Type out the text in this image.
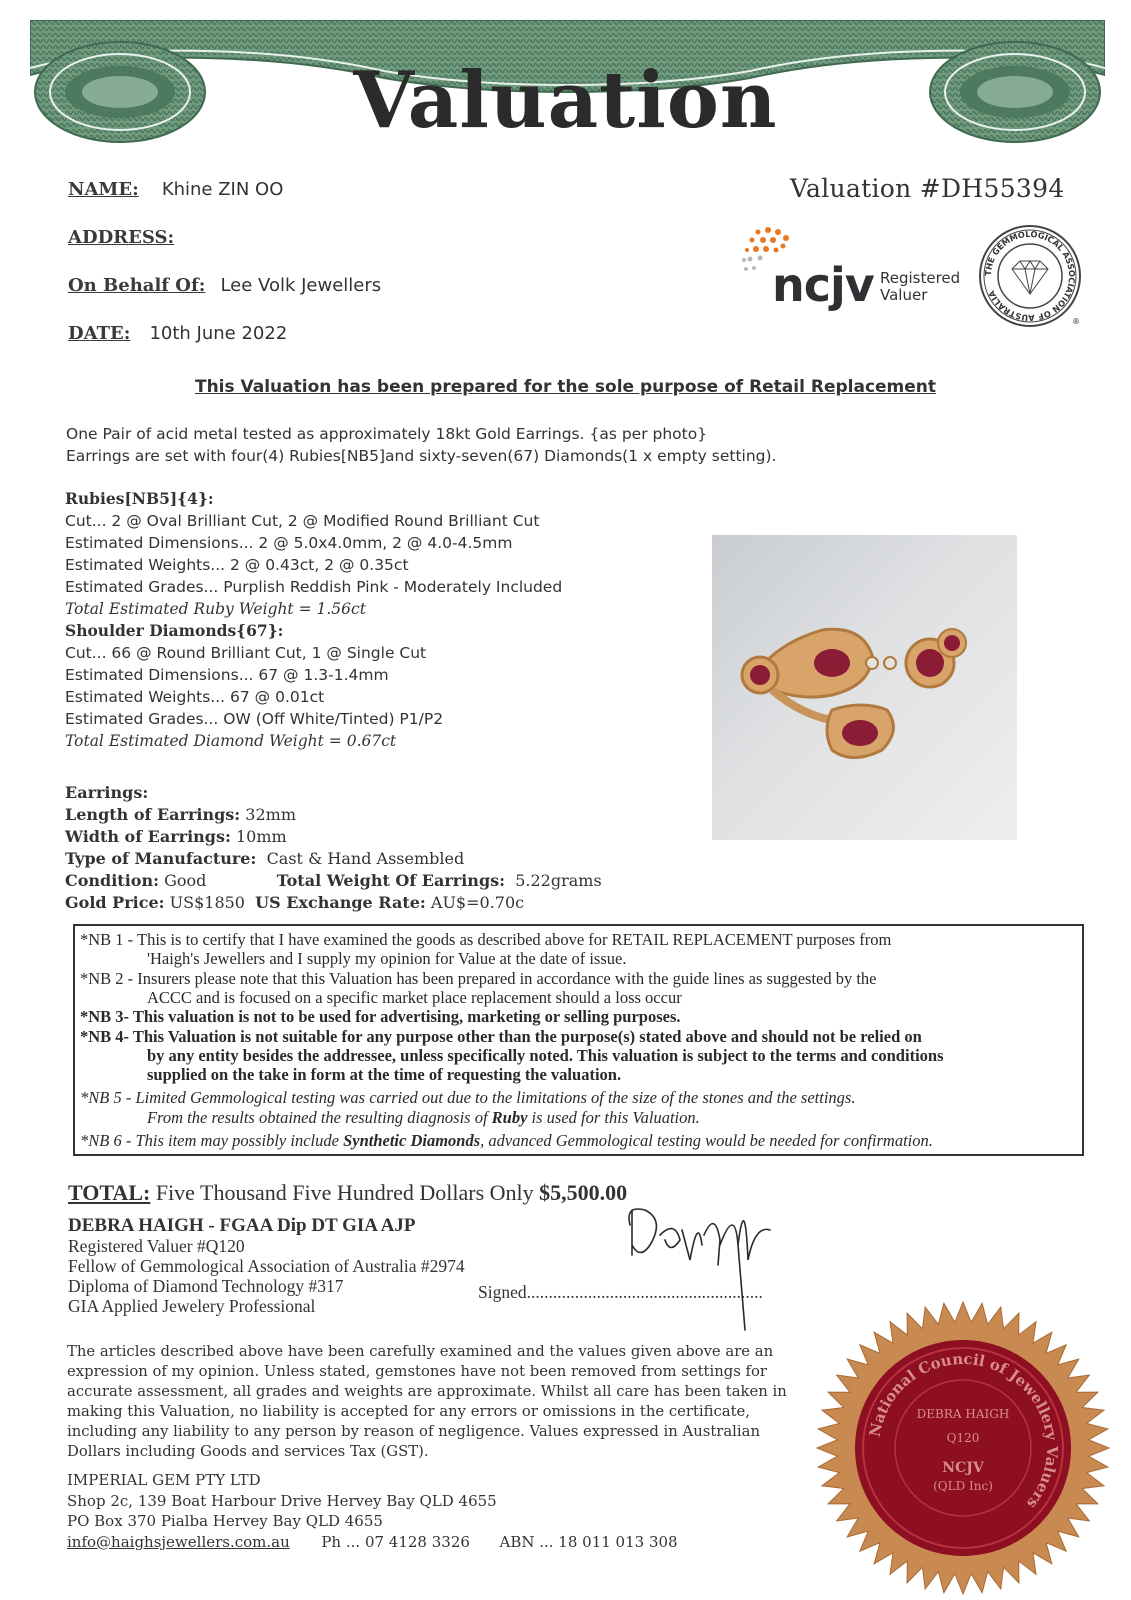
Valuation
NAME: Khine ZIN OO
ADDRESS:
On Behalf Of: Lee Volk Jewellers
DATE: 10th June 2022
Valuation #DH55394
ncjv Registered
Valuer
THE GEMMOLOGICAL ASSOCIATION OF AUSTRALIA
®
This Valuation has been prepared for the sole purpose of Retail Replacement
One Pair of acid metal tested as approximately 18kt Gold Earrings. {as per photo}
Earrings are set with four(4) Rubies[NB5]and sixty-seven(67) Diamonds(1 x empty setting).
Rubies[NB5]{4}:
Cut... 2 @ Oval Brilliant Cut, 2 @ Modified Round Brilliant Cut
Estimated Dimensions... 2 @ 5.0x4.0mm, 2 @ 4.0-4.5mm
Estimated Weights... 2 @ 0.43ct, 2 @ 0.35ct
Estimated Grades... Purplish Reddish Pink - Moderately Included
Total Estimated Ruby Weight = 1.56ct
Shoulder Diamonds{67}:
Cut... 66 @ Round Brilliant Cut, 1 @ Single Cut
Estimated Dimensions... 67 @ 1.3-1.4mm
Estimated Weights... 67 @ 0.01ct
Estimated Grades... OW (Off White/Tinted) P1/P2
Total Estimated Diamond Weight = 0.67ct
Earrings:
Length of Earrings: 32mm
Width of Earrings: 10mm
Type of Manufacture: Cast & Hand Assembled
Condition: Good	Total Weight Of Earrings: 5.22grams
Gold Price: US$1850 US Exchange Rate: AU$=0.70c
*NB 1 - This is to certify that I have examined the goods as described above for RETAIL REPLACEMENT purposes from
'Haigh's Jewellers and I supply my opinion for Value at the date of issue.
*NB 2 - Insurers please note that this Valuation has been prepared in accordance with the guide lines as suggested by the
ACCC and is focused on a specific market place replacement should a loss occur
*NB 3- This valuation is not to be used for advertising, marketing or selling purposes.
*NB 4- This Valuation is not suitable for any purpose other than the purpose(s) stated above and should not be relied on
by any entity besides the addressee, unless specifically noted. This valuation is subject to the terms and conditions
supplied on the take in form at the time of requesting the valuation.
*NB 5 - Limited Gemmological testing was carried out due to the limitations of the size of the stones and the settings.
From the results obtained the resulting diagnosis of Ruby is used for this Valuation.
*NB 6 - This item may possibly include Synthetic Diamonds, advanced Gemmological testing would be needed for confirmation.
TOTAL: Five Thousand Five Hundred Dollars Only $5,500.00
DEBRA HAIGH - FGAA Dip DT GIA AJP
Registered Valuer #Q120
Fellow of Gemmological Association of Australia #2974
Diploma of Diamond Technology #317
GIA Applied Jewelery Professional
Signed......................................................
The articles described above have been carefully examined and the values given above are an expression of my opinion. Unless stated, gemstones have not been removed from settings for accurate assessment, all grades and weights are approximate. Whilst all care has been taken in making this Valuation, no liability is accepted for any errors or omissions in the certificate, including any liability to any person by reason of negligence. Values expressed in Australian Dollars including Goods and services Tax (GST).
IMPERIAL GEM PTY LTD
Shop 2c, 139 Boat Harbour Drive Hervey Bay QLD 4655
PO Box 370 Pialba Hervey Bay QLD 4655
info@haighsjewellers.com.au Ph ... 07 4128 3326 ABN ... 18 011 013 308
National Council of Jewellery Valuers
DEBRA HAIGH
Q120
NCJV
(QLD Inc)
